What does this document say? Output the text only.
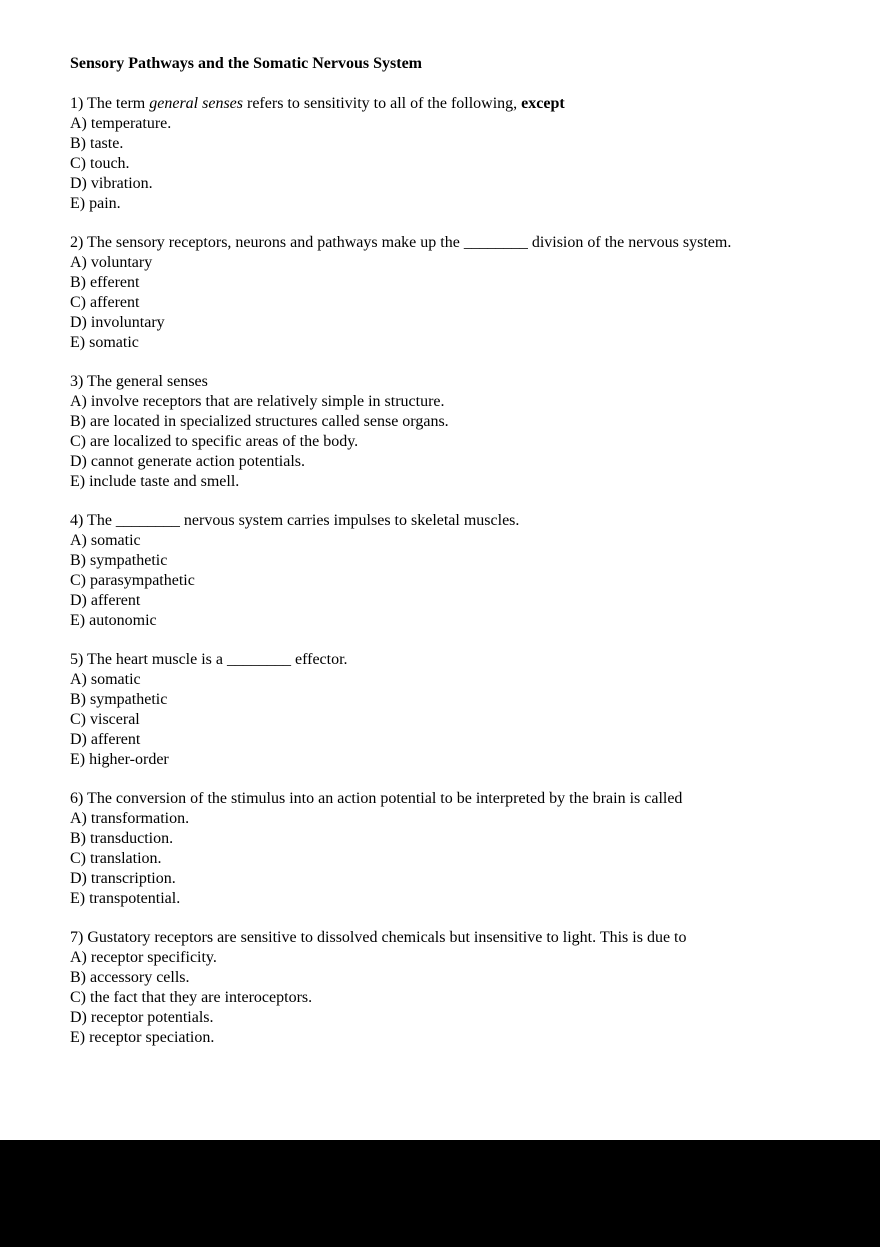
Sensory Pathways and the Somatic Nervous System

1) The term general senses refers to sensitivity to all of the following, except

A) temperature.

B) taste.

C) touch.

D) vibration.

E) pain.

2) The sensory receptors, neurons and pathways make up the ________ division of the nervous system.

A) voluntary

B) efferent

C) afferent

D) involuntary

E) somatic

3) The general senses

A) involve receptors that are relatively simple in structure.

B) are located in specialized structures called sense organs.

C) are localized to specific areas of the body.

D) cannot generate action potentials.

E) include taste and smell.

4) The ________ nervous system carries impulses to skeletal muscles.

A) somatic

B) sympathetic

C) parasympathetic

D) afferent

E) autonomic

5) The heart muscle is a ________ effector.

A) somatic

B) sympathetic

C) visceral

D) afferent

E) higher-order

6) The conversion of the stimulus into an action potential to be interpreted by the brain is called

A) transformation.

B) transduction.

C) translation.

D) transcription.

E) transpotential.

7) Gustatory receptors are sensitive to dissolved chemicals but insensitive to light. This is due to

A) receptor specificity.

B) accessory cells.

C) the fact that they are interoceptors.

D) receptor potentials.

E) receptor speciation.
